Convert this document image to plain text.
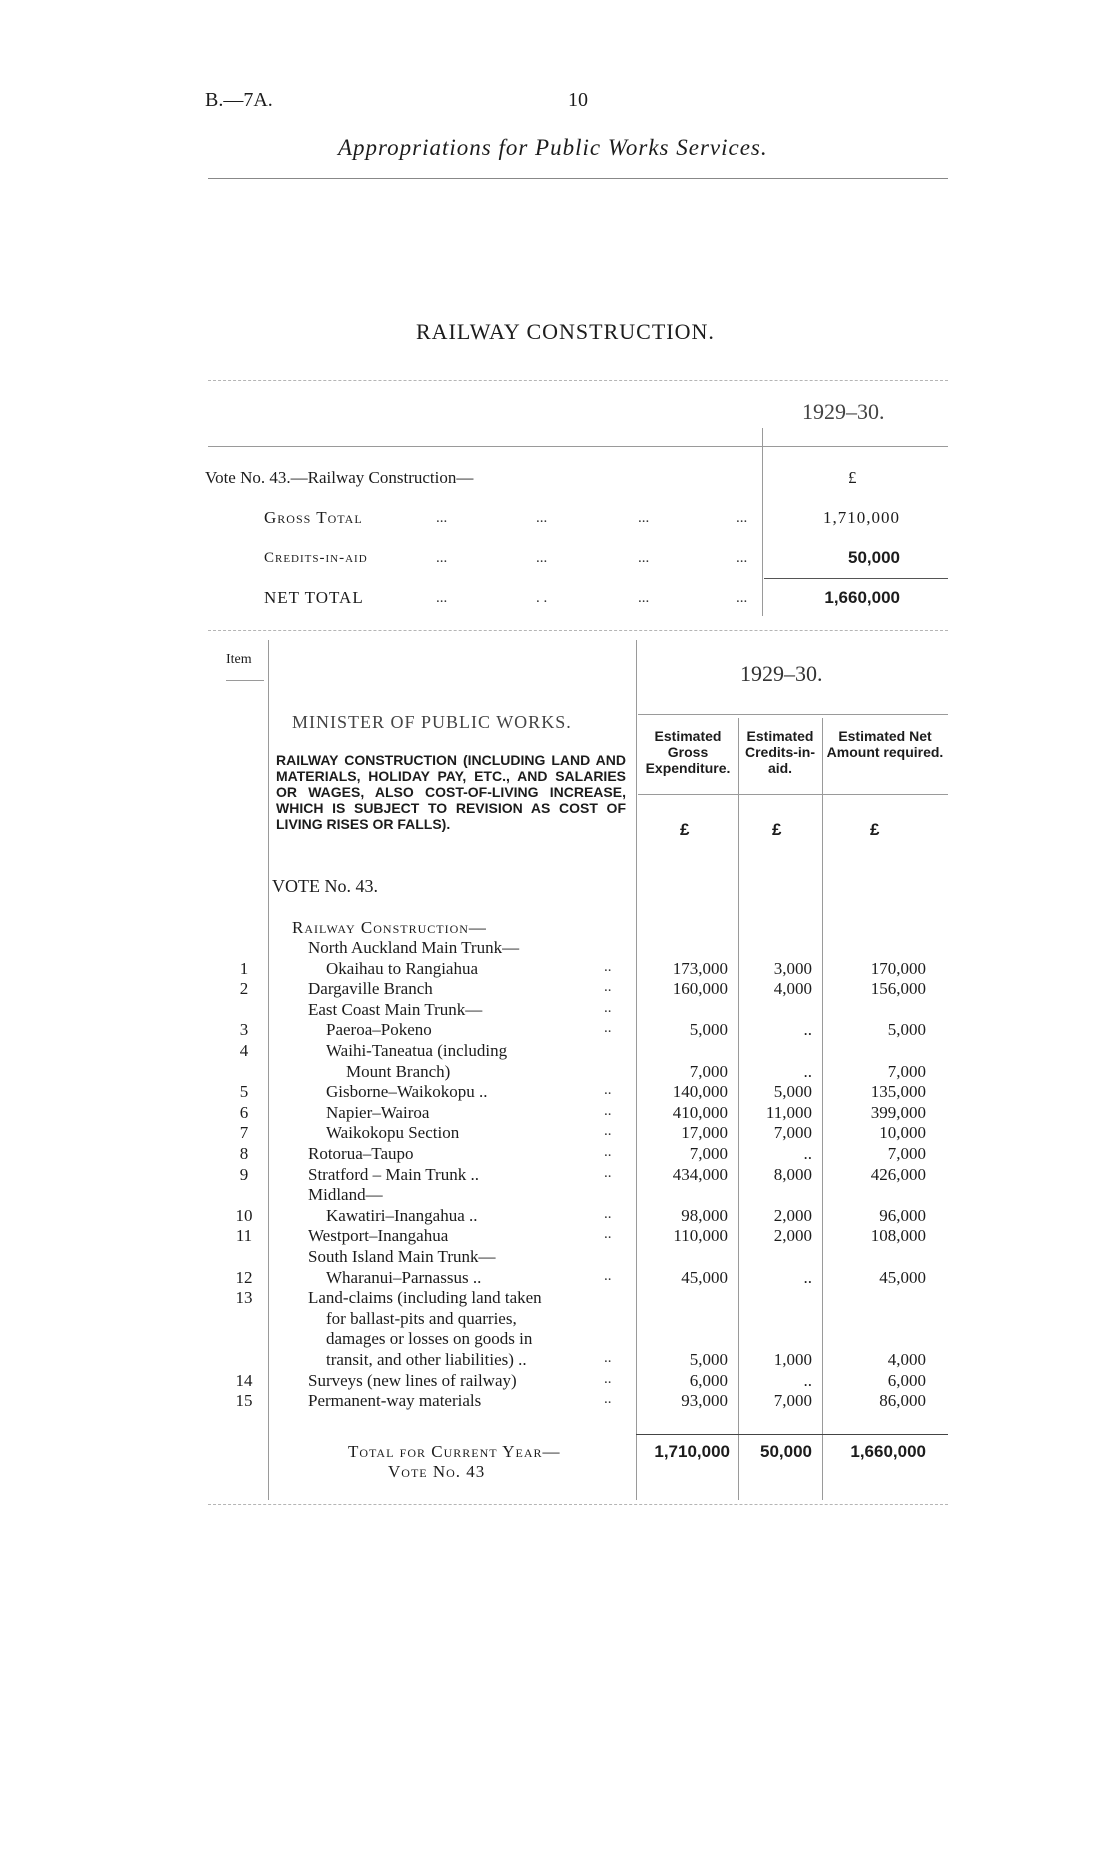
B.—7A.	10
Appropriations for Public Works Services.
RAILWAY CONSTRUCTION.
1929–30.
Vote No. 43.—Railway Construction—	£
Gross Total	...	...	...	...	1,710,000
Credits-in-aid	...	...	...	...	50,000
NET TOTAL	...	. .	...	...	1,660,000
Item
1929–30.
Estimated Gross Expenditure.
Estimated Credits-in-aid.
Estimated Net Amount required.
£	£	£
MINISTER OF PUBLIC WORKS.
RAILWAY CONSTRUCTION (INCLUDING LAND AND MATERIALS, HOLIDAY PAY, ETC., AND SALARIES OR WAGES, ALSO COST-OF-LIVING INCREASE, WHICH IS SUBJECT TO REVISION AS COST OF LIVING RISES OR FALLS).
VOTE No. 43.
Railway Construction—
North Auckland Main Trunk—
1	Okaihau to Rangiahua	173,000	3,000	170,000
..
2	Dargaville Branch	160,000	4,000	156,000
..
East Coast Main Trunk—	..
3	Paeroa–Pokeno	5,000	..	5,000
..
4	Waihi-Taneatua (including
Mount Branch)	7,000	..	7,000
5	Gisborne–Waikokopu ..	140,000	5,000	135,000
..
6	Napier–Wairoa	410,000	11,000	399,000
..
7	Waikokopu Section	17,000	7,000	10,000
..
8	Rotorua–Taupo	7,000	..	7,000
..
9	Stratford – Main Trunk ..	434,000	8,000	426,000
..
Midland—
10	Kawatiri–Inangahua ..	98,000	2,000	96,000
..
11	Westport–Inangahua	110,000	2,000	108,000
..
South Island Main Trunk—
12	Wharanui–Parnassus ..	45,000	..	45,000
..
13	Land-claims (including land taken
for ballast-pits and quarries,
damages or losses on goods in
transit, and other liabilities) ..	5,000	1,000	4,000
..
14	Surveys (new lines of railway)	6,000	..	6,000
..
15	Permanent-way materials	93,000	7,000	86,000
..
Total for Current Year—
Vote No. 43
1,710,000	50,000	1,660,000
